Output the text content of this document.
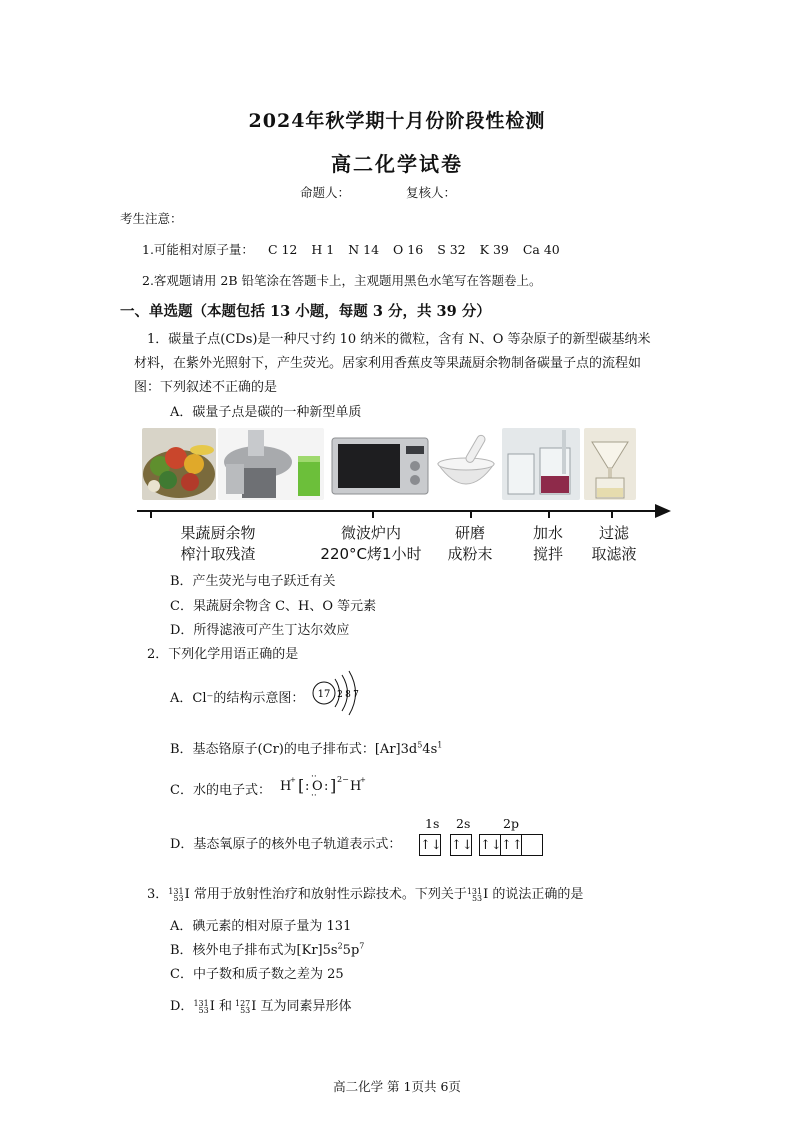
2024年秋学期十月份阶段性检测
高二化学试卷
命题人：	复核人：
考生注意：
1.可能相对原子量： C 12 H 1 N 14 O 16 S 32 K 39 Ca 40
2.客观题请用 2B 铅笔涂在答题卡上，主观题用黑色水笔写在答题卷上。
一、单选题（本题包括 13 小题，每题 3 分，共 39 分）
1．碳量子点(CDs)是一种尺寸约 10 纳米的微粒，含有 N、O 等杂原子的新型碳基纳米
材料，在紫外光照射下，产生荧光。居家利用香蕉皮等果蔬厨余物制备碳量子点的流程如
图：下列叙述不正确的是
A．碳量子点是碳的一种新型单质
果蔬厨余物
榨汁取残渣
微波炉内
220°C烤1小时
研磨
成粉末
加水
搅拌
过滤
取滤液
B．产生荧光与电子跃迁有关
C．果蔬厨余物含 C、H、O 等元素
D．所得滤液可产生丁达尔效应
2．下列化学用语正确的是
A．Cl⁻的结构示意图： 17 2 8 7
B．基态铬原子(Cr)的电子排布式：$[Ar]3d^54s^1$
C．水的电子式： H
+ [ : O :
··
··
] 2− H
+
D．基态氧原子的核外电子轨道表示式：
1s 2s	2p
↑↓ ↑↓ ↑↓ ↑↑
3． 131
53 I 常用于放射性治疗和放射性示踪技术。下列关于 131
53 I 的说法正确的是
A．碘元素的相对原子量为 131
B．核外电子排布式为$[Kr]5s^25p^7$
C．中子数和质子数之差为 25
D． 131
53 I 和 127
53 I 互为同素异形体
高二化学 第 1页共 6页
